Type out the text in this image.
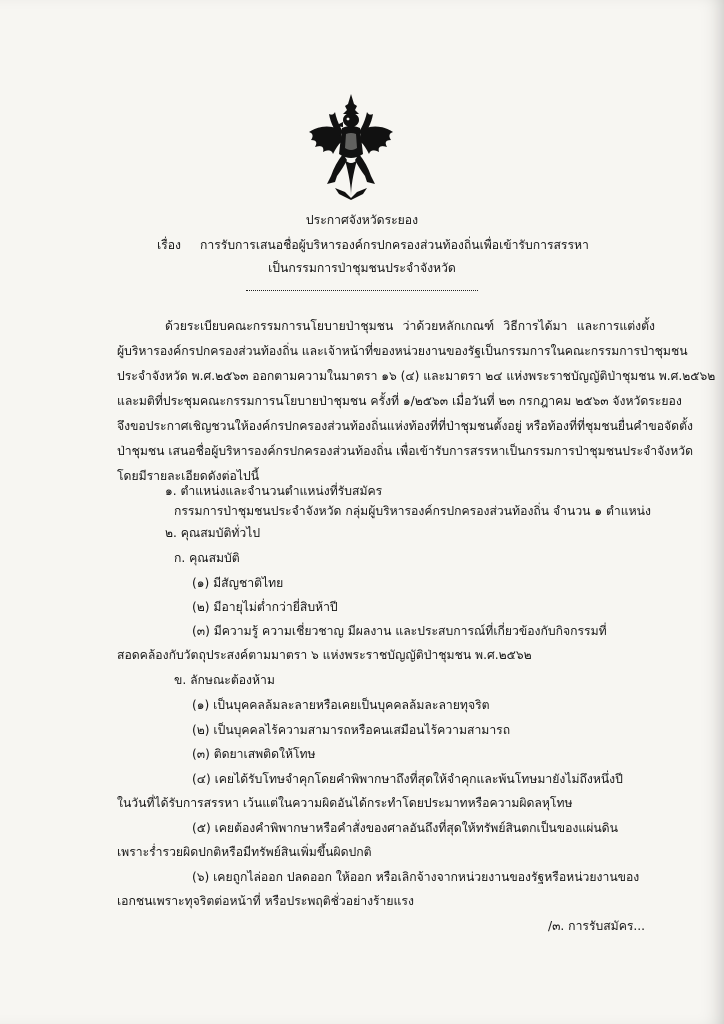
ประกาศจังหวัดระยอง
เรื่อง การรับการเสนอชื่อผู้บริหารองค์กรปกครองส่วนท้องถิ่นเพื่อเข้ารับการสรรหา
เป็นกรรมการป่าชุมชนประจำจังหวัด
ด้วยระเบียบคณะกรรมการนโยบายป่าชุมชน ว่าด้วยหลักเกณฑ์ วิธีการได้มา และการแต่งตั้ง
ผู้บริหารองค์กรปกครองส่วนท้องถิ่น และเจ้าหน้าที่ของหน่วยงานของรัฐเป็นกรรมการในคณะกรรมการป่าชุมชน
ประจำจังหวัด พ.ศ.๒๕๖๓ ออกตามความในมาตรา ๑๖ (๔) และมาตรา ๒๔ แห่งพระราชบัญญัติป่าชุมชน พ.ศ.๒๕๖๒
และมติที่ประชุมคณะกรรมการนโยบายป่าชุมชน ครั้งที่ ๑/๒๕๖๓ เมื่อวันที่ ๒๓ กรกฎาคม ๒๕๖๓ จังหวัดระยอง
จึงขอประกาศเชิญชวนให้องค์กรปกครองส่วนท้องถิ่นแห่งท้องที่ที่ป่าชุมชนตั้งอยู่ หรือท้องที่ที่ชุมชนยื่นคำขอจัดตั้ง
ป่าชุมชน เสนอชื่อผู้บริหารองค์กรปกครองส่วนท้องถิ่น เพื่อเข้ารับการสรรหาเป็นกรรมการป่าชุมชนประจำจังหวัด
โดยมีรายละเอียดดังต่อไปนี้
๑. ตำแหน่งและจำนวนตำแหน่งที่รับสมัคร
กรรมการป่าชุมชนประจำจังหวัด กลุ่มผู้บริหารองค์กรปกครองส่วนท้องถิ่น จำนวน ๑ ตำแหน่ง
๒. คุณสมบัติทั่วไป
ก. คุณสมบัติ
(๑) มีสัญชาติไทย
(๒) มีอายุไม่ต่ำกว่ายี่สิบห้าปี
(๓) มีความรู้ ความเชี่ยวชาญ มีผลงาน และประสบการณ์ที่เกี่ยวข้องกับกิจกรรมที่
สอดคล้องกับวัตถุประสงค์ตามมาตรา ๖ แห่งพระราชบัญญัติป่าชุมชน พ.ศ.๒๕๖๒
ข. ลักษณะต้องห้าม
(๑) เป็นบุคคลล้มละลายหรือเคยเป็นบุคคลล้มละลายทุจริต
(๒) เป็นบุคคลไร้ความสามารถหรือคนเสมือนไร้ความสามารถ
(๓) ติดยาเสพติดให้โทษ
(๔) เคยได้รับโทษจำคุกโดยคำพิพากษาถึงที่สุดให้จำคุกและพ้นโทษมายังไม่ถึงหนึ่งปี
ในวันที่ได้รับการสรรหา เว้นแต่ในความผิดอันได้กระทำโดยประมาทหรือความผิดลหุโทษ
(๕) เคยต้องคำพิพากษาหรือคำสั่งของศาลอันถึงที่สุดให้ทรัพย์สินตกเป็นของแผ่นดิน
เพราะร่ำรวยผิดปกติหรือมีทรัพย์สินเพิ่มขึ้นผิดปกติ
(๖) เคยถูกไล่ออก ปลดออก ให้ออก หรือเลิกจ้างจากหน่วยงานของรัฐหรือหน่วยงานของ
เอกชนเพราะทุจริตต่อหน้าที่ หรือประพฤติชั่วอย่างร้ายแรง
/๓. การรับสมัคร...
